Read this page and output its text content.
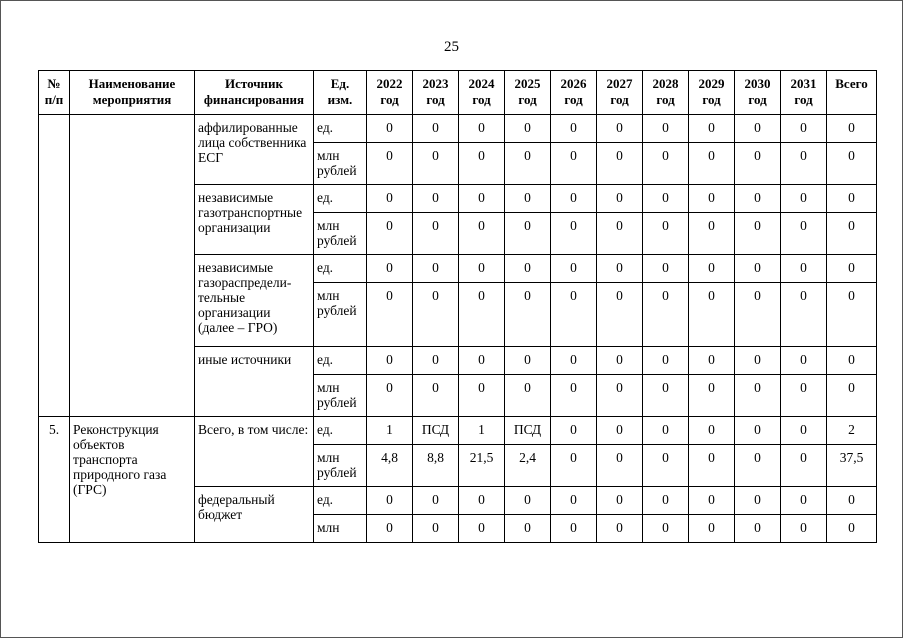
25
№ п/п	Наименование мероприятия	Источник финансирования	Ед. изм.	2022 год	2023 год	2024 год	2025 год	2026 год	2027 год	2028 год	2029 год	2030 год	2031 год	Всего
		аффилированные лица собственника ЕСГ	ед.	0	0	0	0	0	0	0	0	0	0	0
			млн рублей	0	0	0	0	0	0	0	0	0	0	0
		независимые газотранспортные организации	ед.	0	0	0	0	0	0	0	0	0	0	0
			млн рублей	0	0	0	0	0	0	0	0	0	0	0
		независимые газораспредели-тельные организации (далее – ГРО)	ед.	0	0	0	0	0	0	0	0	0	0	0
			млн рублей	0	0	0	0	0	0	0	0	0	0	0
		иные источники	ед.	0	0	0	0	0	0	0	0	0	0	0
			млн рублей	0	0	0	0	0	0	0	0	0	0	0
5.	Реконструкция объектов транспорта природного газа (ГРС)	Всего, в том числе:	ед.	1	ПСД	1	ПСД	0	0	0	0	0	0	2
			млн рублей	4,8	8,8	21,5	2,4	0	0	0	0	0	0	37,5
		федеральный бюджет	ед.	0	0	0	0	0	0	0	0	0	0	0
			млн	0	0	0	0	0	0	0	0	0	0	0
